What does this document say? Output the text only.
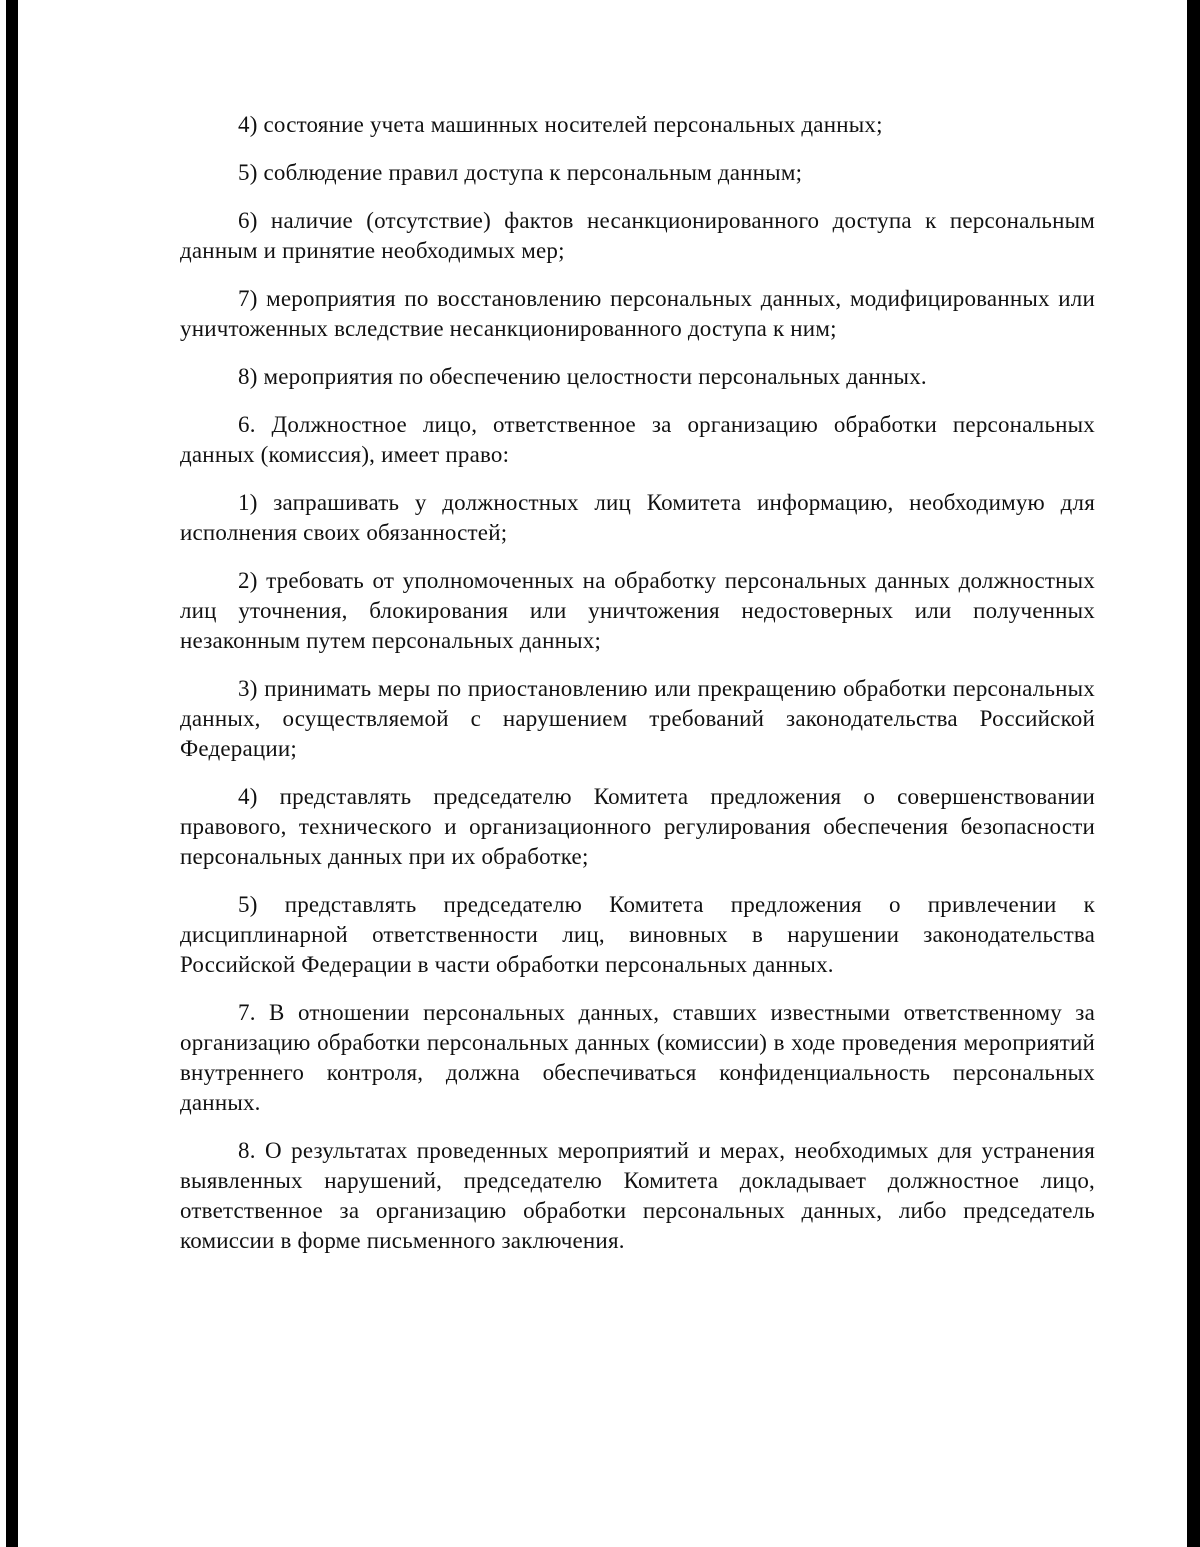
4) состояние учета машинных носителей персональных данных;

5) соблюдение правил доступа к персональным данным;

6) наличие (отсутствие) фактов несанкционированного доступа к персональным данным и принятие необходимых мер;

7) мероприятия по восстановлению персональных данных, модифицированных или уничтоженных вследствие несанкционированного доступа к ним;

8) мероприятия по обеспечению целостности персональных данных.

6. Должностное лицо, ответственное за организацию обработки персональных данных (комиссия), имеет право:

1) запрашивать у должностных лиц Комитета информацию, необходимую для исполнения своих обязанностей;

2) требовать от уполномоченных на обработку персональных данных должностных лиц уточнения, блокирования или уничтожения недостоверных или полученных незаконным путем персональных данных;

3) принимать меры по приостановлению или прекращению обработки персональных данных, осуществляемой с нарушением требований законодательства Российской Федерации;

4) представлять председателю Комитета предложения о совершенствовании правового, технического и организационного регулирования обеспечения безопасности персональных данных при их обработке;

5) представлять председателю Комитета предложения о привлечении к дисциплинарной ответственности лиц, виновных в нарушении законодательства Российской Федерации в части обработки персональных данных.

7. В отношении персональных данных, ставших известными ответственному за организацию обработки персональных данных (комиссии) в ходе проведения мероприятий внутреннего контроля, должна обеспечиваться конфиденциальность персональных данных.

8. О результатах проведенных мероприятий и мерах, необходимых для устранения выявленных нарушений, председателю Комитета докладывает должностное лицо, ответственное за организацию обработки персональных данных, либо председатель комиссии в форме письменного заключения.
